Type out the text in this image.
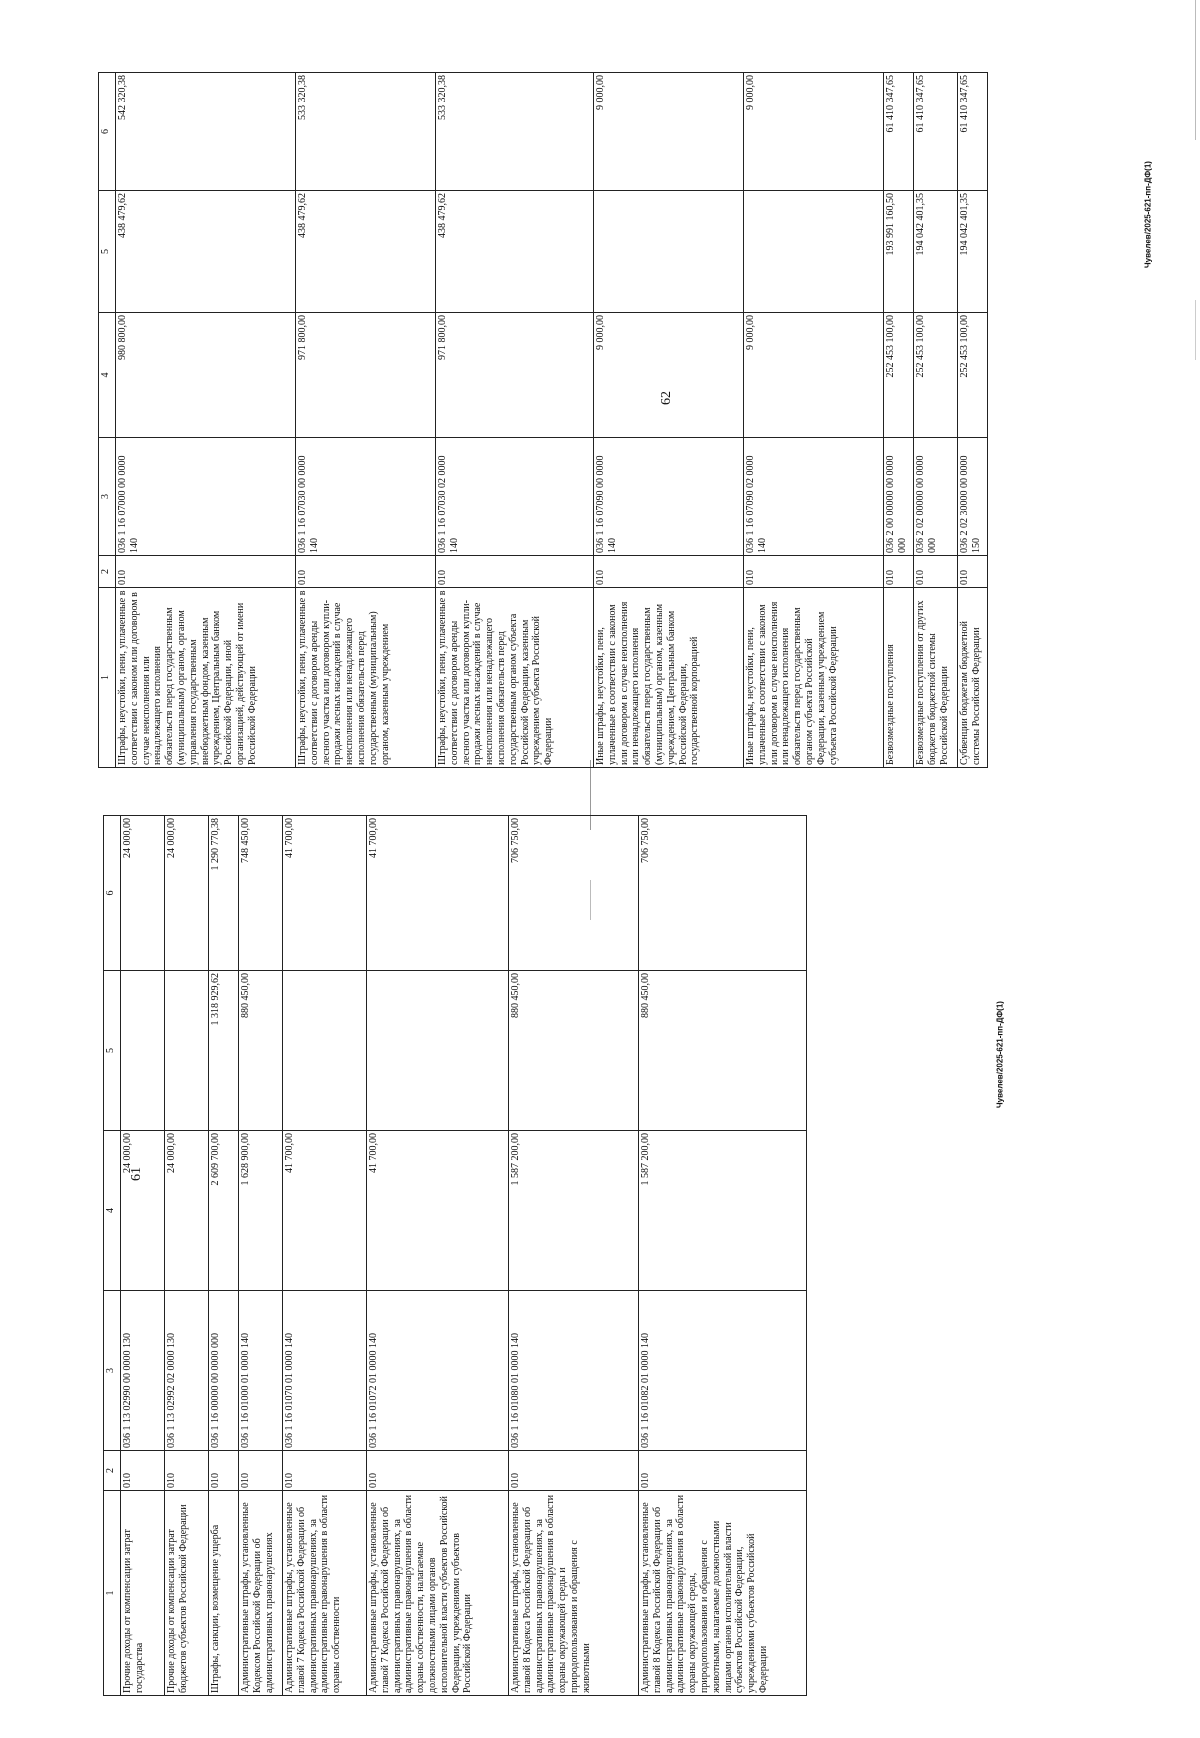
61
62
Чувелев/2025-621-пп-ДФ(1)
Чувелев/2025-621-пп-ДФ(1)
1	2	3	4	5	6
Прочие доходы от компенсации затрат государства	010	036 1 13 02990 00 0000 130	24 000,00		24 000,00
Прочие доходы от компенсации затрат бюджетов субъектов Российской Федерации	010	036 1 13 02992 02 0000 130	24 000,00		24 000,00
Штрафы, санкции, возмещение ущерба	010	036 1 16 00000 00 0000 000	2 609 700,00	1 318 929,62	1 290 770,38
Административные штрафы, установленные Кодексом Российской Федерации об административных правонарушениях	010	036 1 16 01000 01 0000 140	1 628 900,00	880 450,00	748 450,00
Административные штрафы, установленные главой 7 Кодекса Российской Федерации об административных правонарушениях, за административные правонарушения в области охраны собственности	010	036 1 16 01070 01 0000 140	41 700,00		41 700,00
Административные штрафы, установленные главой 7 Кодекса Российской Федерации об административных правонарушениях, за административные правонарушения в области охраны собственности, налагаемые должностными лицами органов исполнительной власти субъектов Российской Федерации, учреждениями субъектов Российской Федерации	010	036 1 16 01072 01 0000 140	41 700,00		41 700,00
Административные штрафы, установленные главой 8 Кодекса Российской Федерации об административных правонарушениях, за административные правонарушения в области охраны окружающей среды и природопользования и обращения с животными	010	036 1 16 01080 01 0000 140	1 587 200,00	880 450,00	706 750,00
Административные штрафы, установленные главой 8 Кодекса Российской Федерации об административных правонарушениях, за административные правонарушения в области охраны окружающей среды, природопользования и обращения с животными, налагаемые должностными лицами органов исполнительной власти субъектов Российской Федерации, учреждениями субъектов Российской Федерации	010	036 1 16 01082 01 0000 140	1 587 200,00	880 450,00	706 750,00
1	2	3	4	5	6
Штрафы, неустойки, пени, уплаченные в соответствии с законом или договором в случае неисполнения или ненадлежащего исполнения обязательств перед государственным (муниципальным) органом, органом управления государственным внебюджетным фондом, казенным учреждением, Центральным банком Российской Федерации, иной организацией, действующей от имени Российской Федерации	010	036 1 16 07000 00 0000 140	980 800,00	438 479,62	542 320,38
Штрафы, неустойки, пени, уплаченные в соответствии с договором аренды лесного участка или договором купли-продажи лесных насаждений в случае неисполнения или ненадлежащего исполнения обязательств перед государственным (муниципальным) органом, казенным учреждением	010	036 1 16 07030 00 0000 140	971 800,00	438 479,62	533 320,38
Штрафы, неустойки, пени, уплаченные в соответствии с договором аренды лесного участка или договором купли-продажи лесных насаждений в случае неисполнения или ненадлежащего исполнения обязательств перед государственным органом субъекта Российской Федерации, казенным учреждением субъекта Российской Федерации	010	036 1 16 07030 02 0000 140	971 800,00	438 479,62	533 320,38
Иные штрафы, неустойки, пени, уплаченные в соответствии с законом или договором в случае неисполнения или ненадлежащего исполнения обязательств перед государственным (муниципальным) органом, казенным учреждением, Центральным банком Российской Федерации, государственной корпорацией	010	036 1 16 07090 00 0000 140	9 000,00		9 000,00
Иные штрафы, неустойки, пени, уплаченные в соответствии с законом или договором в случае неисполнения или ненадлежащего исполнения обязательств перед государственным органом субъекта Российской Федерации, казенным учреждением субъекта Российской Федерации	010	036 1 16 07090 02 0000 140	9 000,00		9 000,00
Безвозмездные поступления	010	036 2 00 00000 00 0000 000	252 453 100,00	193 991 160,50	61 410 347,65
Безвозмездные поступления от других бюджетов бюджетной системы Российской Федерации	010	036 2 02 00000 00 0000 000	252 453 100,00	194 042 401,35	61 410 347,65
Субвенции бюджетам бюджетной системы Российской Федерации	010	036 2 02 30000 00 0000 150	252 453 100,00	194 042 401,35	61 410 347,65
